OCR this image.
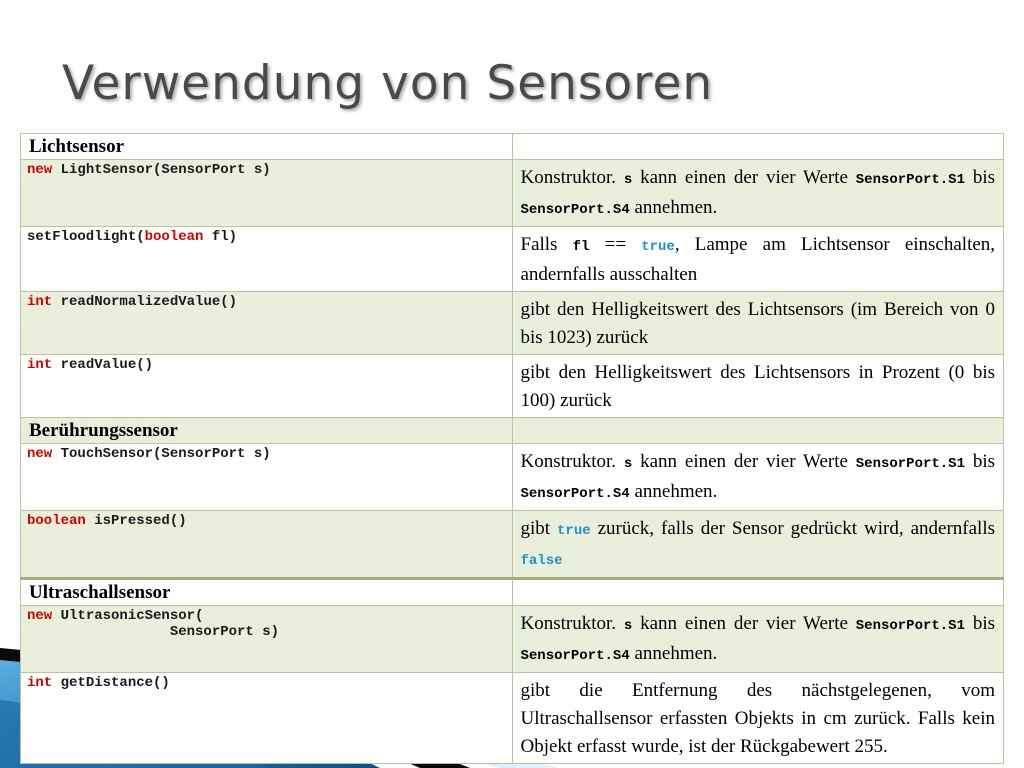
Verwendung von Sensoren
Lichtsensor	
new LightSensor(SensorPort s)	Konstruktor. s kann einen der vier Werte SensorPort.S1 bis SensorPort.S4 annehmen.
setFloodlight(boolean fl)	Falls fl == true, Lampe am Lichtsensor einschalten, andernfalls ausschalten
int readNormalizedValue()	gibt den Helligkeitswert des Lichtsensors (im Bereich von 0 bis 1023) zurück
int readValue()	gibt den Helligkeitswert des Lichtsensors in Prozent (0 bis 100) zurück
Berührungssensor	
new TouchSensor(SensorPort s)	Konstruktor. s kann einen der vier Werte SensorPort.S1 bis SensorPort.S4 annehmen.
boolean isPressed()	gibt true zurück, falls der Sensor gedrückt wird, andernfalls false
Ultraschallsensor	
new UltrasonicSensor(
SensorPort s)	Konstruktor. s kann einen der vier Werte SensorPort.S1 bis SensorPort.S4 annehmen.
int getDistance()	gibt die Entfernung des nächstgelegenen, vom Ultraschallsensor erfassten Objekts in cm zurück. Falls kein Objekt erfasst wurde, ist der Rückgabewert 255.
